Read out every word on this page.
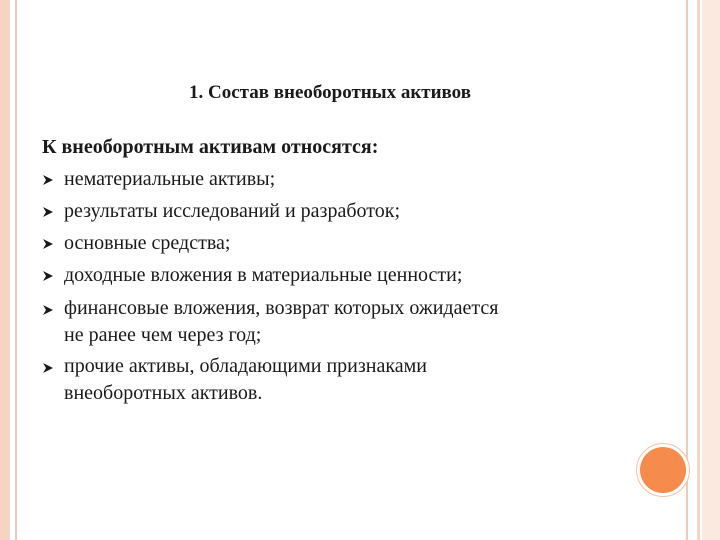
1. Состав внеоборотных активов

К внеоборотным активам относятся:

нематериальные активы;
результаты исследований и разработок;
основные средства;
доходные вложения в материальные ценности;
финансовые вложения, возврат которых ожидается
не ранее чем через год;
прочие активы, обладающими признаками
внеоборотных активов.
